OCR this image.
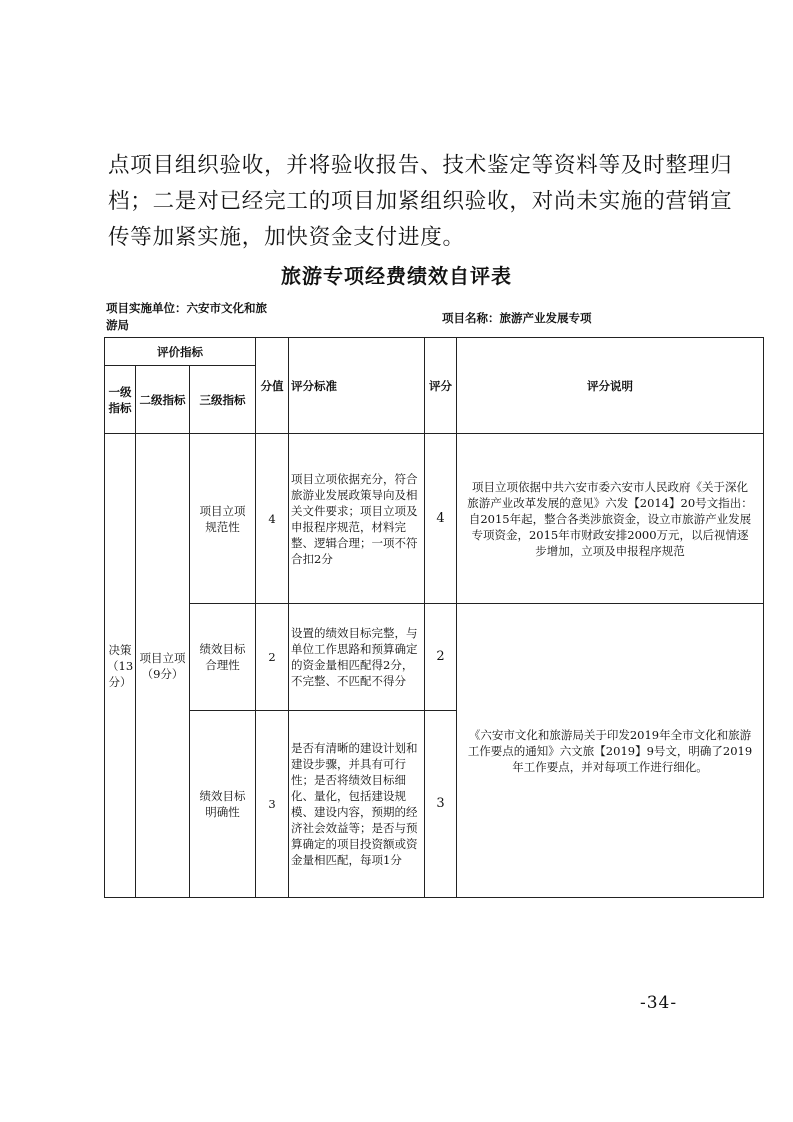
点项目组织验收，并将验收报告、技术鉴定等资料等及时整理归
档；二是对已经完工的项目加紧组织验收，对尚未实施的营销宣
传等加紧实施，加快资金支付进度。
旅游专项经费绩效自评表
项目实施单位：六安市文化和旅
游局	项目名称：旅游产业发展专项
评价指标			分值	评分标准	评分	评分说明
一级指标	二级指标	三级指标				
决策（13分）	项目立项（9分）	项目立项规范性	4	项目立项依据充分，符合旅游业发展政策导向及相关文件要求；项目立项及申报程序规范，材料完整、逻辑合理；一项不符合扣2分	4	项目立项依据中共六安市委六安市人民政府《关于深化旅游产业改革发展的意见》六发【2014】20号文指出：自2015年起，整合各类涉旅资金，设立市旅游产业发展专项资金，2015年市财政安排2000万元，以后视情逐步增加，立项及申报程序规范
		绩效目标合理性	2	设置的绩效目标完整，与单位工作思路和预算确定的资金量相匹配得2分，不完整、不匹配不得分	2	《六安市文化和旅游局关于印发2019年全市文化和旅游工作要点的通知》六文旅【2019】9号文，明确了2019年工作要点，并对每项工作进行细化。
		绩效目标明确性	3	是否有清晰的建设计划和建设步骤，并具有可行性；是否将绩效目标细化、量化，包括建设规模、建设内容，预期的经济社会效益等；是否与预算确定的项目投资额或资金量相匹配，每项1分	3	
-34-
